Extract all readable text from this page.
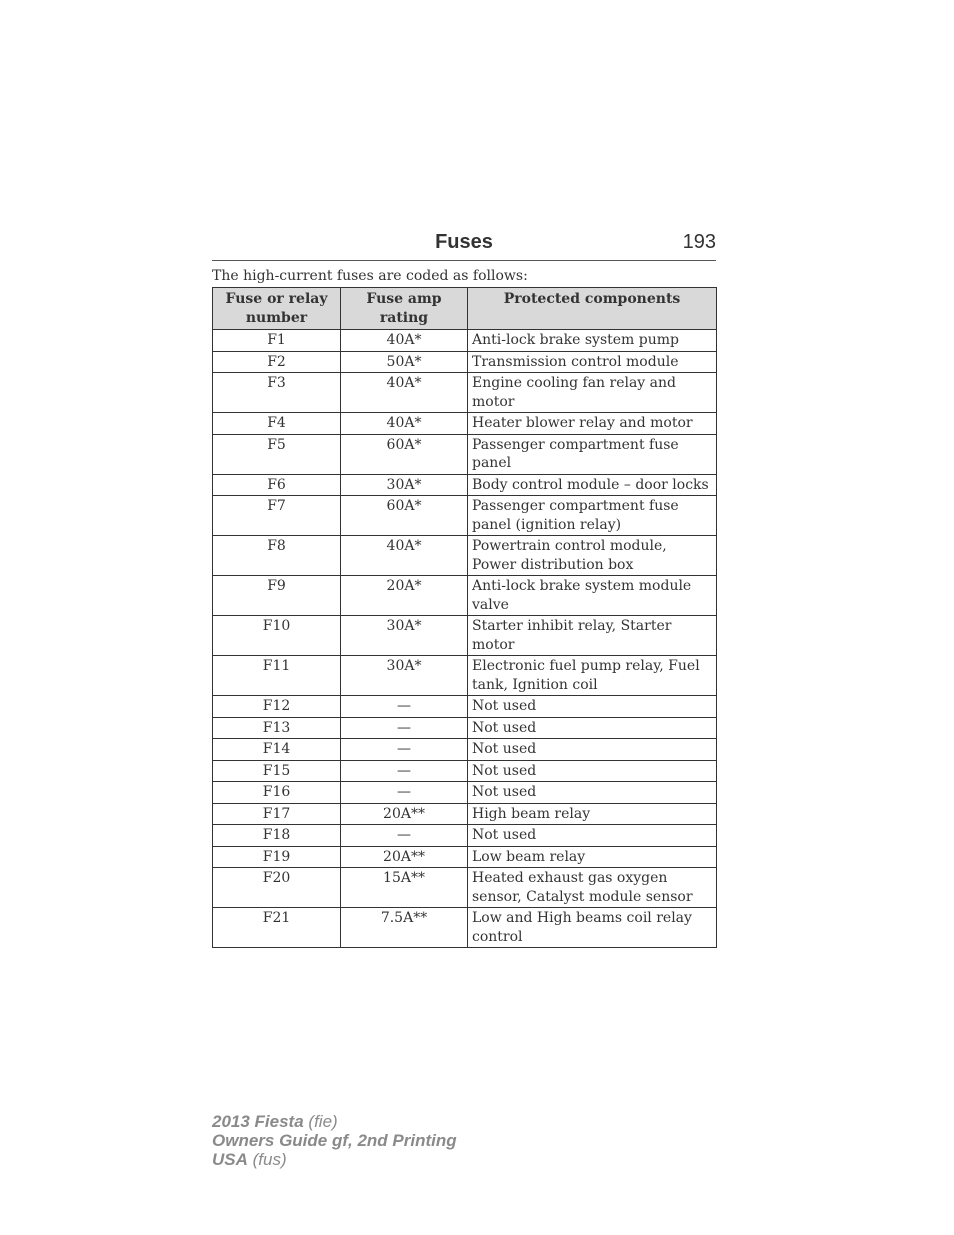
Fuses	193
The high-current fuses are coded as follows:
Fuse or relay number	Fuse amp rating	Protected components
F1	40A*	Anti-lock brake system pump
F2	50A*	Transmission control module
F3	40A*	Engine cooling fan relay and motor
F4	40A*	Heater blower relay and motor
F5	60A*	Passenger compartment fuse panel
F6	30A*	Body control module – door locks
F7	60A*	Passenger compartment fuse panel (ignition relay)
F8	40A*	Powertrain control module, Power distribution box
F9	20A*	Anti-lock brake system module valve
F10	30A*	Starter inhibit relay, Starter motor
F11	30A*	Electronic fuel pump relay, Fuel tank, Ignition coil
F12	—	Not used
F13	—	Not used
F14	—	Not used
F15	—	Not used
F16	—	Not used
F17	20A**	High beam relay
F18	—	Not used
F19	20A**	Low beam relay
F20	15A**	Heated exhaust gas oxygen sensor, Catalyst module sensor
F21	7.5A**	Low and High beams coil relay control
2013 Fiesta (fie)
Owners Guide gf, 2nd Printing
USA (fus)
